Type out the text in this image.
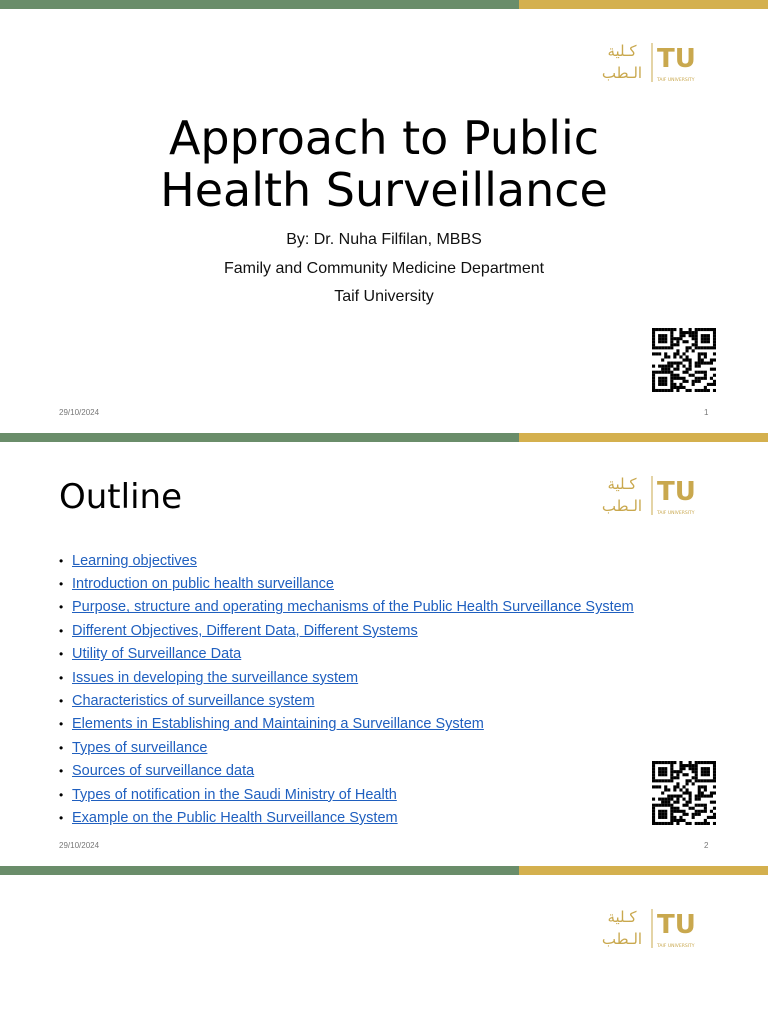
كـلية
الـطب TU
TAIF UNIVERSITY
Approach to Public
Health Surveillance
By: Dr. Nuha Filfilan, MBBS
Family and Community Medicine Department
Taif University
29/10/2024	1
كـلية
الـطب TU
TAIF UNIVERSITY
Outline
• Learning objectives
• Introduction on public health surveillance
• Purpose, structure and operating mechanisms of the Public Health Surveillance System
• Different Objectives, Different Data, Different Systems
• Utility of Surveillance Data
• Issues in developing the surveillance system
• Characteristics of surveillance system
• Elements in Establishing and Maintaining a Surveillance System
• Types of surveillance
• Sources of surveillance data
• Types of notification in the Saudi Ministry of Health
• Example on the Public Health Surveillance System
29/10/2024	2
كـلية
الـطب TU
TAIF UNIVERSITY
